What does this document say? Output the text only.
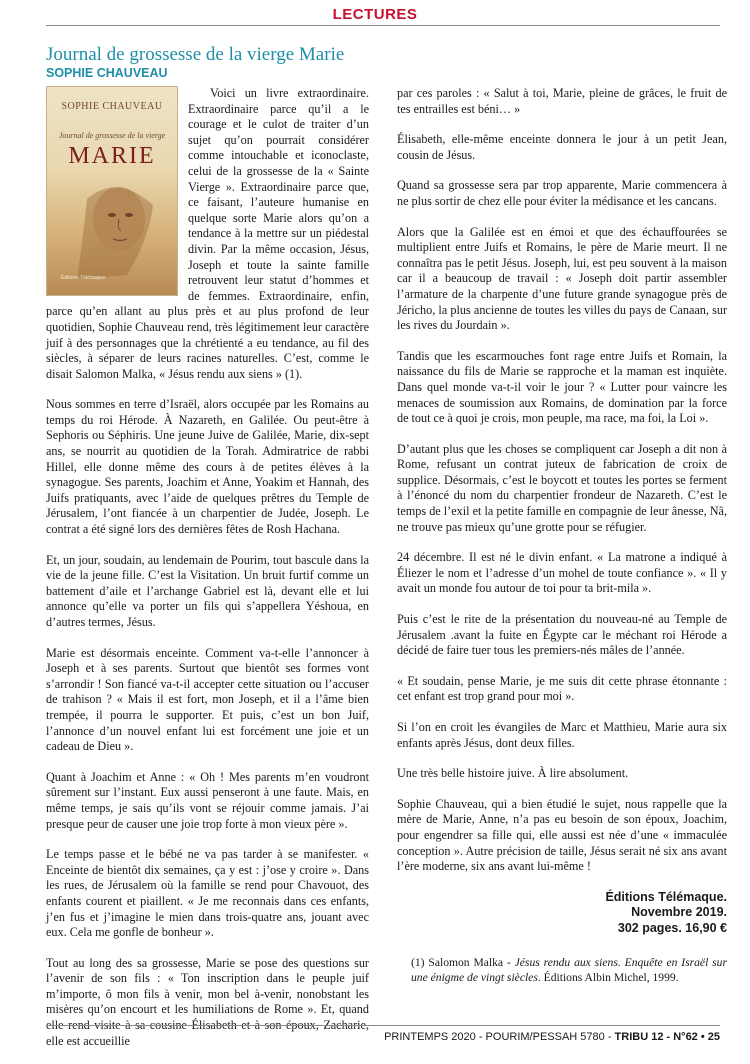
LECTURES
Journal de grossesse de la vierge Marie
SOPHIE CHAUVEAU
SOPHIE CHAUVEAU
Journal de grossesse de la vierge
MARIE
Éditions Télémaque

Voici un livre extraordinaire. Extraordinaire parce qu’il a le courage et le culot de traiter d’un sujet qu’on pourrait considérer comme intouchable et iconoclaste, celui de la grossesse de la « Sainte Vierge ». Extraordinaire parce que, ce faisant, l’auteure humanise en quelque sorte Marie alors qu’on a tendance à la mettre sur un piédestal divin. Par la même occasion, Jésus, Joseph et toute la sainte famille retrouvent leur statut d’hommes et de femmes. Extraordinaire, enfin, parce qu’en allant au plus près et au plus profond de leur quotidien, Sophie Chauveau rend, très légitimement leur caractère juif à des personnages que la chrétienté a eu tendance, au fil des siècles, à séparer de leurs racines naturelles. C’est, comme le disait Salomon Malka, « Jésus rendu aux siens » (1).

Nous sommes en terre d’Israël, alors occupée par les Romains au temps du roi Hérode. À Nazareth, en Galilée. Ou peut-être à Sephoris ou Séphiris. Une jeune Juive de Galilée, Marie, dix-sept ans, se nourrit au quotidien de la Torah. Admiratrice de rabbi Hillel, elle donne même des cours à de petites élèves à la synagogue. Ses parents, Joachim et Anne, Yoakim et Hannah, des Juifs pratiquants, avec l’aide de quelques prêtres du Temple de Jérusalem, l’ont fiancée à un charpentier de Judée, Joseph. Le contrat a été signé lors des dernières fêtes de Rosh Hachana.

Et, un jour, soudain, au lendemain de Pourim, tout bascule dans la vie de la jeune fille. C’est la Visitation. Un bruit furtif comme un battement d’aile et l’archange Gabriel est là, devant elle et lui annonce qu’elle va porter un fils qui s’appellera Yéshoua, en d’autres termes, Jésus.

Marie est désormais enceinte. Comment va-t-elle l’annoncer à Joseph et à ses parents. Surtout que bientôt ses formes vont s’arrondir ! Son fiancé va-t-il accepter cette situation ou l’accuser de trahison ? « Mais il est fort, mon Joseph, et il a l’âme bien trempée, il pourra le supporter. Et puis, c’est un bon Juif, l’annonce d’un nouvel enfant lui est forcément une joie et un cadeau de Dieu ».

Quant à Joachim et Anne : « Oh ! Mes parents m’en voudront sûrement sur l’instant. Eux aussi penseront à une faute. Mais, en même temps, je sais qu’ils vont se réjouir comme jamais. J’ai presque peur de causer une joie trop forte à mon vieux père ».

Le temps passe et le bébé ne va pas tarder à se manifester. « Enceinte de bientôt dix semaines, ça y est : j’ose y croire ». Dans les rues, de Jérusalem où la famille se rend pour Chavouot, des enfants courent et piaillent. « Je me reconnais dans ces enfants, j’en fus et j’imagine le mien dans trois-quatre ans, jouant avec eux. Cela me gonfle de bonheur ».

Tout au long des sa grossesse, Marie se pose des questions sur l’avenir de son fils : « Ton inscription dans le peuple juif m’importe, ô mon fils à venir, mon bel à-venir, nonobstant les misères qu’on encourt et les humiliations de Rome ». Et, quand elle rend visite à sa cousine Élisabeth et à son époux, Zacharie, elle est accueillie

par ces paroles : « Salut à toi, Marie, pleine de grâces, le fruit de tes entrailles est béni… »

Élisabeth, elle-même enceinte donnera le jour à un petit Jean, cousin de Jésus.

Quand sa grossesse sera par trop apparente, Marie commencera à ne plus sortir de chez elle pour éviter la médisance et les cancans.

Alors que la Galilée est en émoi et que des échauffourées se multiplient entre Juifs et Romains, le père de Marie meurt. Il ne connaîtra pas le petit Jésus. Joseph, lui, est peu souvent à la maison car il a beaucoup de travail : « Joseph doit partir assembler l’armature de la charpente d’une future grande synagogue près de Jéricho, la plus ancienne de toutes les villes du pays de Canaan, sur les rives du Jourdain ».

Tandis que les escarmouches font rage entre Juifs et Romain, la naissance du fils de Marie se rapproche et la maman est inquiète. Dans quel monde va-t-il voir le jour ? « Lutter pour vaincre les menaces de soumission aux Romains, de domination par la force de tout ce à quoi je crois, mon peuple, ma race, ma foi, la Loi ».

D’autant plus que les choses se compliquent car Joseph a dit non à Rome, refusant un contrat juteux de fabrication de croix de supplice. Désormais, c’est le boycott et toutes les portes se ferment à l’énoncé du nom du charpentier frondeur de Nazareth. C’est le temps de l’exil et la petite famille en compagnie de leur ânesse, Nâ, ne trouve pas mieux qu’une grotte pour se réfugier.

24 décembre. Il est né le divin enfant. « La matrone a indiqué à Éliezer le nom et l’adresse d’un mohel de toute confiance ». « Il y avait un monde fou autour de toi pour ta brit-mila ».

Puis c’est le rite de la présentation du nouveau-né au Temple de Jérusalem .avant la fuite en Égypte car le méchant roi Hérode a décidé de faire tuer tous les premiers-nés mâles de l’année.

« Et soudain, pense Marie, je me suis dit cette phrase étonnante : cet enfant est trop grand pour moi ».

Si l’on en croit les évangiles de Marc et Matthieu, Marie aura six enfants après Jésus, dont deux filles.

Une très belle histoire juive. À lire absolument.

Sophie Chauveau, qui a bien étudié le sujet, nous rappelle que la mère de Marie, Anne, n’a pas eu besoin de son époux, Joachim, pour engendrer sa fille qui, elle aussi est née d’une « immaculée conception ». Autre précision de taille, Jésus serait né six ans avant l’ère moderne, six ans avant lui-même !

Éditions Télémaque.
Novembre 2019.
302 pages. 16,90 €
(1) Salomon Malka - Jésus rendu aux siens. Enquête en Israël sur une énigme de vingt siècles. Éditions Albin Michel, 1999.
PRINTEMPS 2020 - POURIM/PESSAH 5780 - TRIBU 12 - N°62 • 25
